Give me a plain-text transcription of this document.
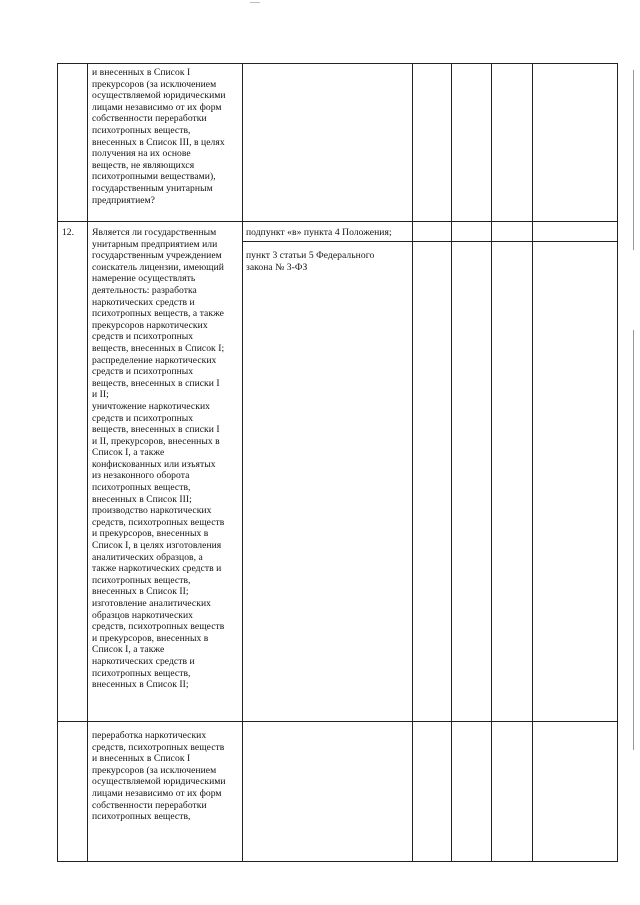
и внесенных в Список I
прекурсоров (за исключением
осуществляемой юридическими
лицами независимо от их форм
собственности переработки
психотропных веществ,
внесенных в Список III, в целях
получения на их основе
веществ, не являющихся
психотропными веществами),
государственным унитарным
предприятием?

12. Является ли государственным
унитарным предприятием или
государственным учреждением
соискатель лицензии, имеющий
намерение осуществлять
деятельность: разработка
наркотических средств и
психотропных веществ, а также
прекурсоров наркотических
средств и психотропных
веществ, внесенных в Список I;
распределение наркотических
средств и психотропных
веществ, внесенных в списки I
и II;
уничтожение наркотических
средств и психотропных
веществ, внесенных в списки I
и II, прекурсоров, внесенных в
Список I, а также
конфискованных или изъятых
из незаконного оборота
психотропных веществ,
внесенных в Список III;
производство наркотических
средств, психотропных веществ
и прекурсоров, внесенных в
Список I, в целях изготовления
аналитических образцов, а
также наркотических средств и
психотропных веществ,
внесенных в Список II;
изготовление аналитических
образцов наркотических
средств, психотропных веществ
и прекурсоров, внесенных в
Список I, а также
наркотических средств и
психотропных веществ,
внесенных в Список II;

подпункт «в» пункта 4 Положения;

пункт 3 статьи 5 Федерального
закона № 3-ФЗ

переработка наркотических
средств, психотропных веществ
и внесенных в Список I
прекурсоров (за исключением
осуществляемой юридическими
лицами независимо от их форм
собственности переработки
психотропных веществ,
